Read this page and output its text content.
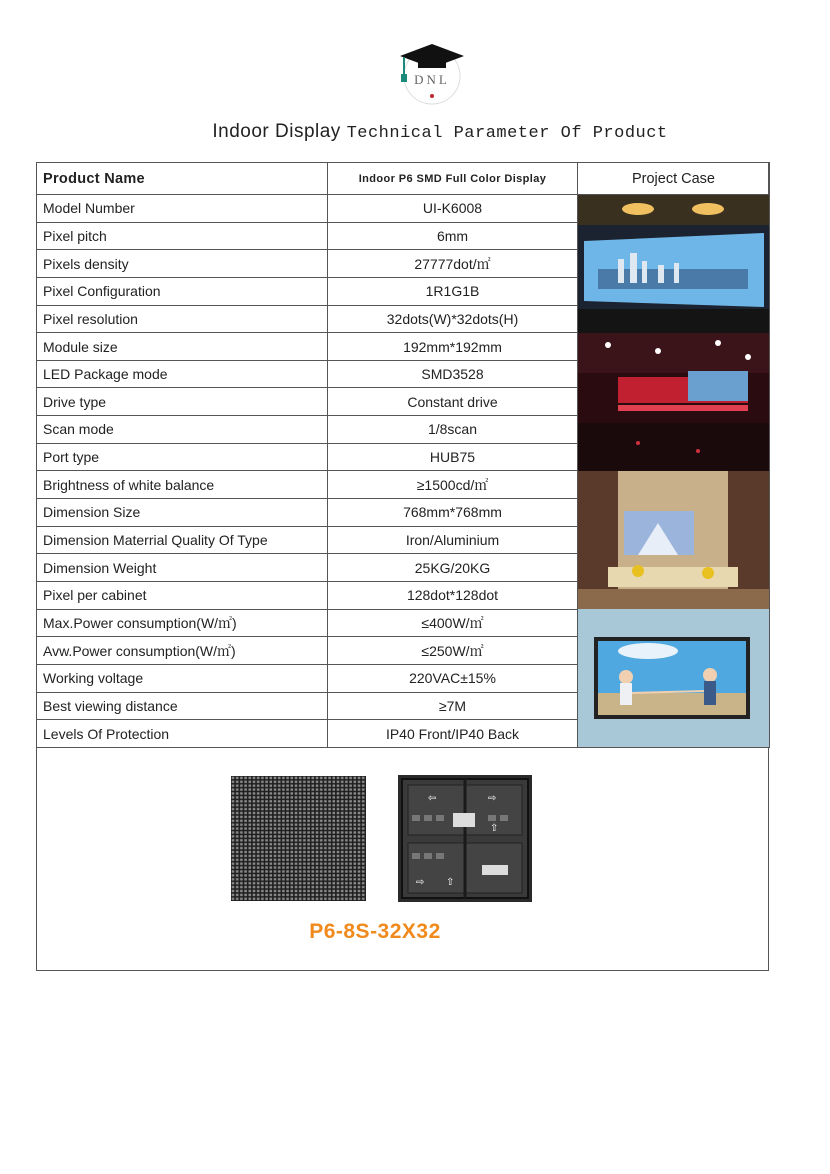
DNL
Indoor Display Technical Parameter Of Product
Product Name	Indoor P6 SMD Full Color Display	Project Case
Model Number	UI-K6008	

Pixel pitch	6mm	
Pixels density	27777dot/㎡	
Pixel Configuration	1R1G1B	
Pixel resolution	32dots(W)*32dots(H)	
Module size	192mm*192mm	
LED Package mode	SMD3528	
Drive type	Constant drive	
Scan mode	1/8scan	
Port type	HUB75	
Brightness of white balance	≥1500cd/㎡	
Dimension Size	768mm*768mm	
Dimension Materrial Quality Of Type	Iron/Aluminium	
Dimension Weight	25KG/20KG	
Pixel per cabinet	128dot*128dot	
Max.Power consumption(W/㎡)	≤400W/㎡	
Avw.Power consumption(W/㎡)	≤250W/㎡	
Working voltage	220VAC±15%	
Best viewing distance	≥7M	
Levels Of Protection	IP40 Front/IP40 Back	
⇦	⇨
⇧
⇨ ⇧
P6-8S-32X32
